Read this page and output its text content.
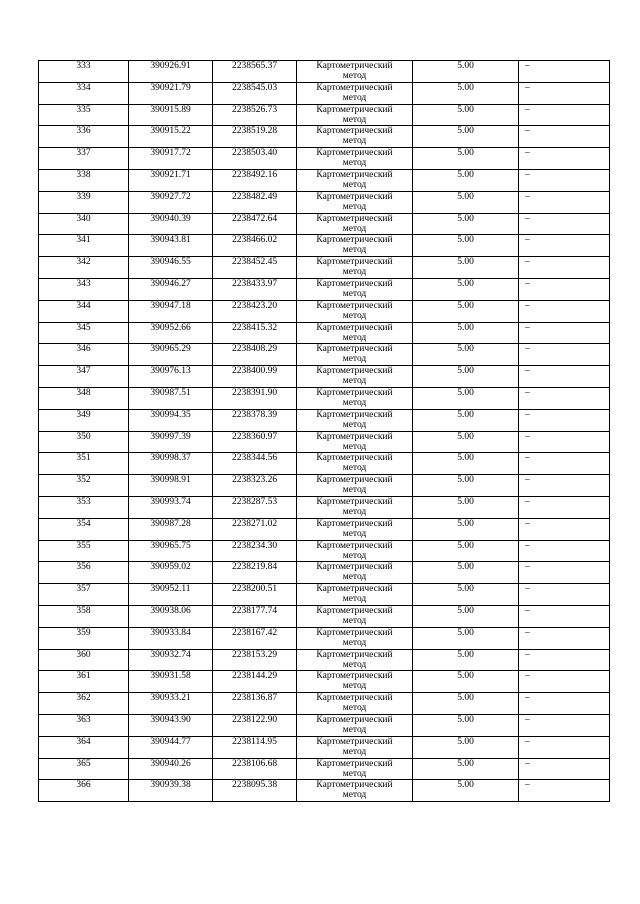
333	390926.91	2238565.37	Картометрический
метод	5.00	–
334	390921.79	2238545.03	Картометрический
метод	5.00	–
335	390915.89	2238526.73	Картометрический
метод	5.00	–
336	390915.22	2238519.28	Картометрический
метод	5.00	–
337	390917.72	2238503.40	Картометрический
метод	5.00	–
338	390921.71	2238492.16	Картометрический
метод	5.00	–
339	390927.72	2238482.49	Картометрический
метод	5.00	–
340	390940.39	2238472.64	Картометрический
метод	5.00	–
341	390943.81	2238466.02	Картометрический
метод	5.00	–
342	390946.55	2238452.45	Картометрический
метод	5.00	–
343	390946.27	2238433.97	Картометрический
метод	5.00	–
344	390947.18	2238423.20	Картометрический
метод	5.00	–
345	390952.66	2238415.32	Картометрический
метод	5.00	–
346	390965.29	2238408.29	Картометрический
метод	5.00	–
347	390976.13	2238400.99	Картометрический
метод	5.00	–
348	390987.51	2238391.90	Картометрический
метод	5.00	–
349	390994.35	2238378.39	Картометрический
метод	5.00	–
350	390997.39	2238360.97	Картометрический
метод	5.00	–
351	390998.37	2238344.56	Картометрический
метод	5.00	–
352	390998.91	2238323.26	Картометрический
метод	5.00	–
353	390993.74	2238287.53	Картометрический
метод	5.00	–
354	390987.28	2238271.02	Картометрический
метод	5.00	–
355	390965.75	2238234.30	Картометрический
метод	5.00	–
356	390959.02	2238219.84	Картометрический
метод	5.00	–
357	390952.11	2238200.51	Картометрический
метод	5.00	–
358	390938.06	2238177.74	Картометрический
метод	5.00	–
359	390933.84	2238167.42	Картометрический
метод	5.00	–
360	390932.74	2238153.29	Картометрический
метод	5.00	–
361	390931.58	2238144.29	Картометрический
метод	5.00	–
362	390933.21	2238136.87	Картометрический
метод	5.00	–
363	390943.90	2238122.90	Картометрический
метод	5.00	–
364	390944.77	2238114.95	Картометрический
метод	5.00	–
365	390940.26	2238106.68	Картометрический
метод	5.00	–
366	390939.38	2238095.38	Картометрический
метод	5.00	–
